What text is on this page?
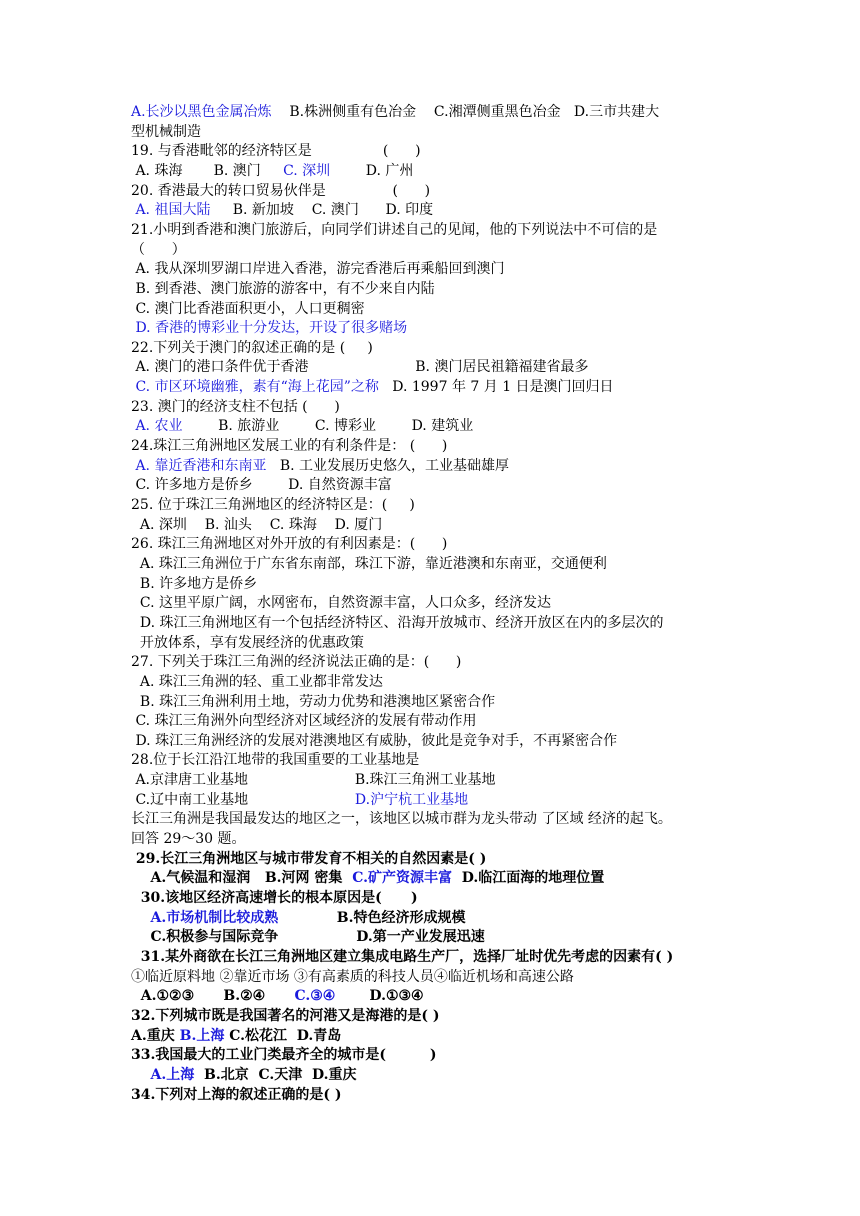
A.长沙以黑色金属冶炼    B.株洲侧重有色冶金    C.湘潭侧重黑色冶金   D.三市共建大
型机械制造
19. 与香港毗邻的经济特区是                (      )
A. 珠海       B. 澳门     C. 深圳        D. 广州
20. 香港最大的转口贸易伙伴是               (      )
A. 祖国大陆     B. 新加坡    C. 澳门      D. 印度
21.小明到香港和澳门旅游后，向同学们讲述自己的见闻，他的下列说法中不可信的是
（      ）
A. 我从深圳罗湖口岸进入香港，游完香港后再乘船回到澳门
B. 到香港、澳门旅游的游客中，有不少来自内陆
C. 澳门比香港面积更小，人口更稠密
D. 香港的博彩业十分发达，开设了很多赌场
22.下列关于澳门的叙述正确的是 (     )
A. 澳门的港口条件优于香港                        B. 澳门居民祖籍福建省最多
C. 市区环境幽雅，素有“海上花园”之称   D. 1997 年 7 月 1 日是澳门回归日
23. 澳门的经济支柱不包括 (      )
A. 农业        B. 旅游业        C. 博彩业        D. 建筑业
24.珠江三角洲地区发展工业的有利条件是： (      )
A. 靠近香港和东南亚   B. 工业发展历史悠久，工业基础雄厚
C. 许多地方是侨乡        D. 自然资源丰富
25. 位于珠江三角洲地区的经济特区是：(     )
A. 深圳    B. 汕头    C. 珠海    D. 厦门
26. 珠江三角洲地区对外开放的有利因素是：(      )
A. 珠江三角洲位于广东省东南部，珠江下游，靠近港澳和东南亚，交通便利
B. 许多地方是侨乡
C. 这里平原广阔，水网密布，自然资源丰富，人口众多，经济发达
D. 珠江三角洲地区有一个包括经济特区、沿海开放城市、经济开放区在内的多层次的
开放体系，享有发展经济的优惠政策
27. 下列关于珠江三角洲的经济说法正确的是：(      )
A. 珠江三角洲的轻、重工业都非常发达
B. 珠江三角洲利用土地，劳动力优势和港澳地区紧密合作
C. 珠江三角洲外向型经济对区域经济的发展有带动作用
D. 珠江三角洲经济的发展对港澳地区有威胁，彼此是竞争对手，不再紧密合作
28.位于长江沿江地带的我国重要的工业基地是
A.京津唐工业基地                        B.珠江三角洲工业基地
C.辽中南工业基地                        D.沪宁杭工业基地
长江三角洲是我国最发达的地区之一，该地区以城市群为龙头带动 了区域 经济的起飞。
回答 29～30 题。
29.长江三角洲地区与城市带发育不相关的自然因素是( )
A.气候温和湿润   B.河网 密集  C.矿产资源丰富  D.临江面海的地理位置
30.该地区经济高速增长的根本原因是(      )
A.市场机制比较成熟            B.特色经济形成规模
C.积极参与国际竞争                D.第一产业发展迅速
31.某外商欲在长江三角洲地区建立集成电路生产厂，选择厂址时优先考虑的因素有( )
①临近原料地 ②靠近市场 ③有高素质的科技人员④临近机场和高速公路
A.①②③      B.②④      C.③④       D.①③④
32.下列城市既是我国著名的河港又是海港的是( )
A.重庆 B.上海 C.松花江  D.青岛
33.我国最大的工业门类最齐全的城市是(         )
A.上海  B.北京  C.天津  D.重庆
34.下列对上海的叙述正确的是( )
